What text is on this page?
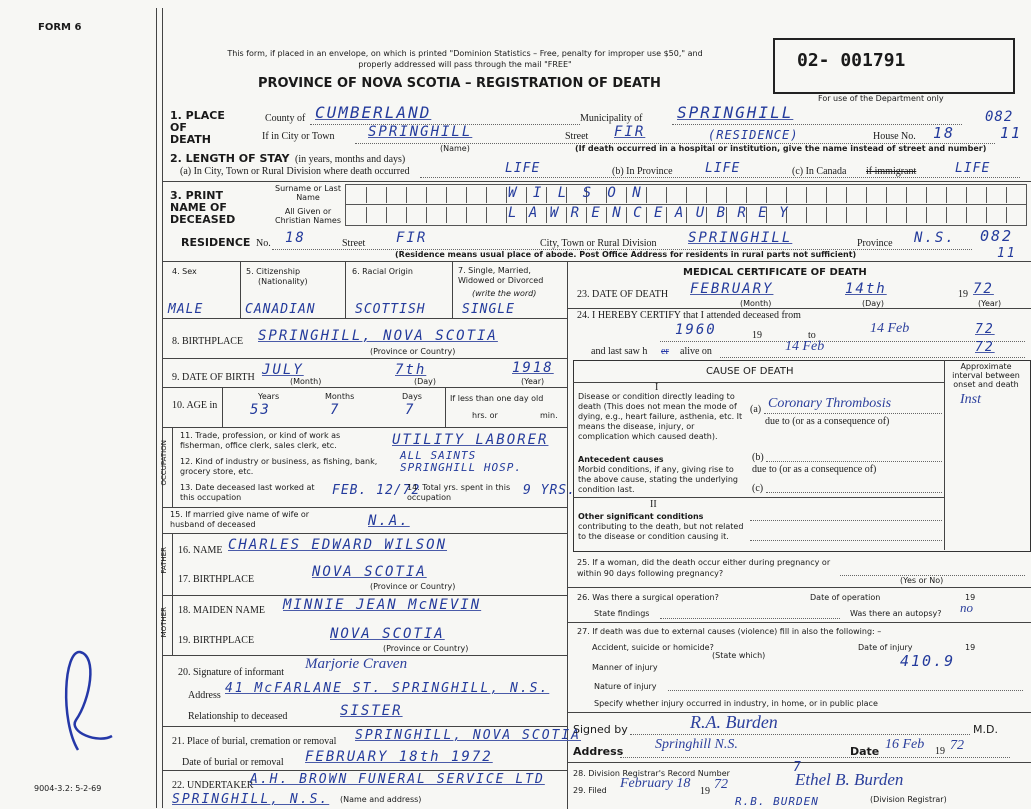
FORM 6
This form, if placed in an envelope, on which is printed "Dominion Statistics – Free, penalty for improper use $50," and properly addressed will pass through the mail "FREE"
PROVINCE OF NOVA SCOTIA – REGISTRATION OF DEATH
02- 001791
For use of the Department only
1. PLACE OF DEATH
County of CUMBERLAND	Municipality of SPRINGHILL	082
If in City or Town SPRINGHILL
(Name)
Street FIR	(RESIDENCE)	House No. 18	11
(If death occurred in a hospital or institution, give the name instead of street and number)
2. LENGTH OF STAY (in years, months and days)
(a) In City, Town or Rural Division where death occurred	LIFE	(b) In Province LIFE	(c) In Canada if immigrant	LIFE
3. PRINT NAME OF DECEASED
Surname or Last Name
All Given or Christian Names
W I L S O N
L A W R E N C E A U B R E Y
RESIDENCE No. 18	Street FIR	City, Town or Rural Division SPRINGHILL	Province N.S. 082
11
(Residence means usual place of abode. Post Office Address for residents in rural parts not sufficient)
4. Sex	5. Citizenship
(Nationality)
6. Racial Origin	7. Single, Married, Widowed or Divorced
(write the word)
MALE	CANADIAN	SCOTTISH	SINGLE
8. BIRTHPLACE SPRINGHILL, NOVA SCOTIA
(Province or Country)
9. DATE OF BIRTH JULY	7th	1918
(Month)	(Day)	(Year)
10. AGE in
Years	Months	Days
53	7	7
If less than one day old
hrs. or	min.
OCCUPATION
11. Trade, profession, or kind of work as fisherman, office clerk, sales clerk, etc.	UTILITY LABORER
12. Kind of industry or business, as fishing, bank, grocery store, etc.
ALL SAINTS
SPRINGHILL HOSP.
13. Date deceased last worked at this occupation	FEB. 12/72
14. Total yrs. spent in this occupation	9 YRS.
15. If married give name of wife or husband of deceased	N.A.
FATHER 16. NAME CHARLES EDWARD WILSON
17. BIRTHPLACE	NOVA SCOTIA
(Province or Country)
MOTHER 18. MAIDEN NAME MINNIE JEAN McNEVIN
19. BIRTHPLACE	NOVA SCOTIA
(Province or Country)
20. Signature of informant
Marjorie Craven
Address 41 McFARLANE ST. SPRINGHILL, N.S.
Relationship to deceased	SISTER
21. Place of burial, cremation or removal SPRINGHILL, NOVA SCOTIA
Date of burial or removal FEBRUARY 18th 1972
22. UNDERTAKER
A.H. BROWN FUNERAL SERVICE LTD
SPRINGHILL, N.S. (Name and address)
MEDICAL CERTIFICATE OF DEATH
23. DATE OF DEATH FEBRUARY	14th	19 72
(Month)	(Day)	(Year)
24. I HEREBY CERTIFY that I attended deceased from
1960	19	to	14 Feb	72
and last saw h er alive on	14 Feb	72
CAUSE OF DEATH	Approximate interval between onset and death
I
Disease or condition directly leading to death (This does not mean the mode of dying, e.g., heart failure, asthenia, etc. It means the disease, injury, or complication which caused death).
(a) Coronary Thrombosis	Inst
due to (or as a consequence of)
Antecedent causes
Morbid conditions, if any, giving rise to the above cause, stating the underlying condition last.
(b)
due to (or as a consequence of)
(c)
II
Other significant conditions
contributing to the death, but not related to the disease or condition causing it.
25. If a woman, did the death occur either during pregnancy or within 90 days following pregnancy?
(Yes or No)
26. Was there a surgical operation?	Date of operation	19
State findings	Was there an autopsy? no
27. If death was due to external causes (violence) fill in also the following: –
Accident, suicide or homicide?
(State which)
Date of injury	19
Manner of injury	410.9
Nature of injury
Specify whether injury occurred in industry, in home, or in public place
Signed by	R.A. Burden	M.D.
Address Springhill N.S.	Date 16 Feb 19 72
28. Division Registrar's Record Number	7
29. Filed February 18
19 72	Ethel B. Burden
R.B. BURDEN	(Division Registrar)
9004-3.2: 5-2-69
